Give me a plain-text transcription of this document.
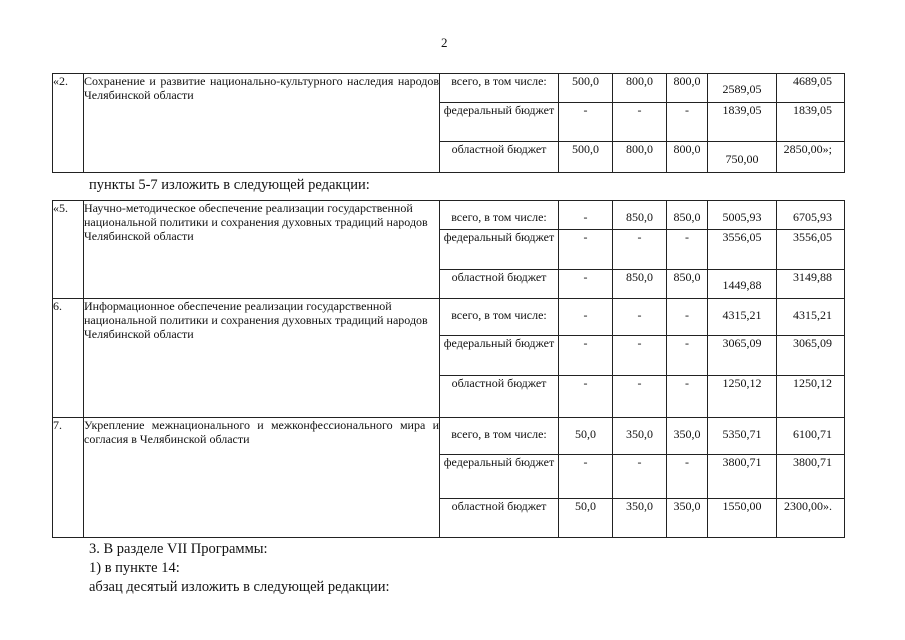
2
«2.	Сохранение и развитие национально-культурного наследия народов Челябинской области	всего, в том числе:	500,0	800,0	800,0	2589,05	4689,05
		федеральный бюджет	-	-	-	1839,05	1839,05
		областной бюджет	500,0	800,0	800,0	750,00	2850,00»;
пункты 5-7 изложить в следующей редакции:
«5.	Научно-методическое обеспечение реализации государственной национальной политики и сохранения духовных традиций народов Челябинской области	всего, в том числе:	-	850,0	850,0	5005,93	6705,93
		федеральный бюджет	-	-	-	3556,05	3556,05
		областной бюджет	-	850,0	850,0	1449,88	3149,88
6.	Информационное обеспечение реализации государственной национальной политики и сохранения духовных традиций народов Челябинской области	всего, в том числе:	-	-	-	4315,21	4315,21
		федеральный бюджет	-	-	-	3065,09	3065,09
		областной бюджет	-	-	-	1250,12	1250,12
7.	Укрепление межнационального и межконфессионального мира и согласия в Челябинской области	всего, в том числе:	50,0	350,0	350,0	5350,71	6100,71
		федеральный бюджет	-	-	-	3800,71	3800,71
		областной бюджет	50,0	350,0	350,0	1550,00	2300,00».
3. В разделе VII Программы:
1) в пункте 14:
абзац десятый изложить в следующей редакции:
